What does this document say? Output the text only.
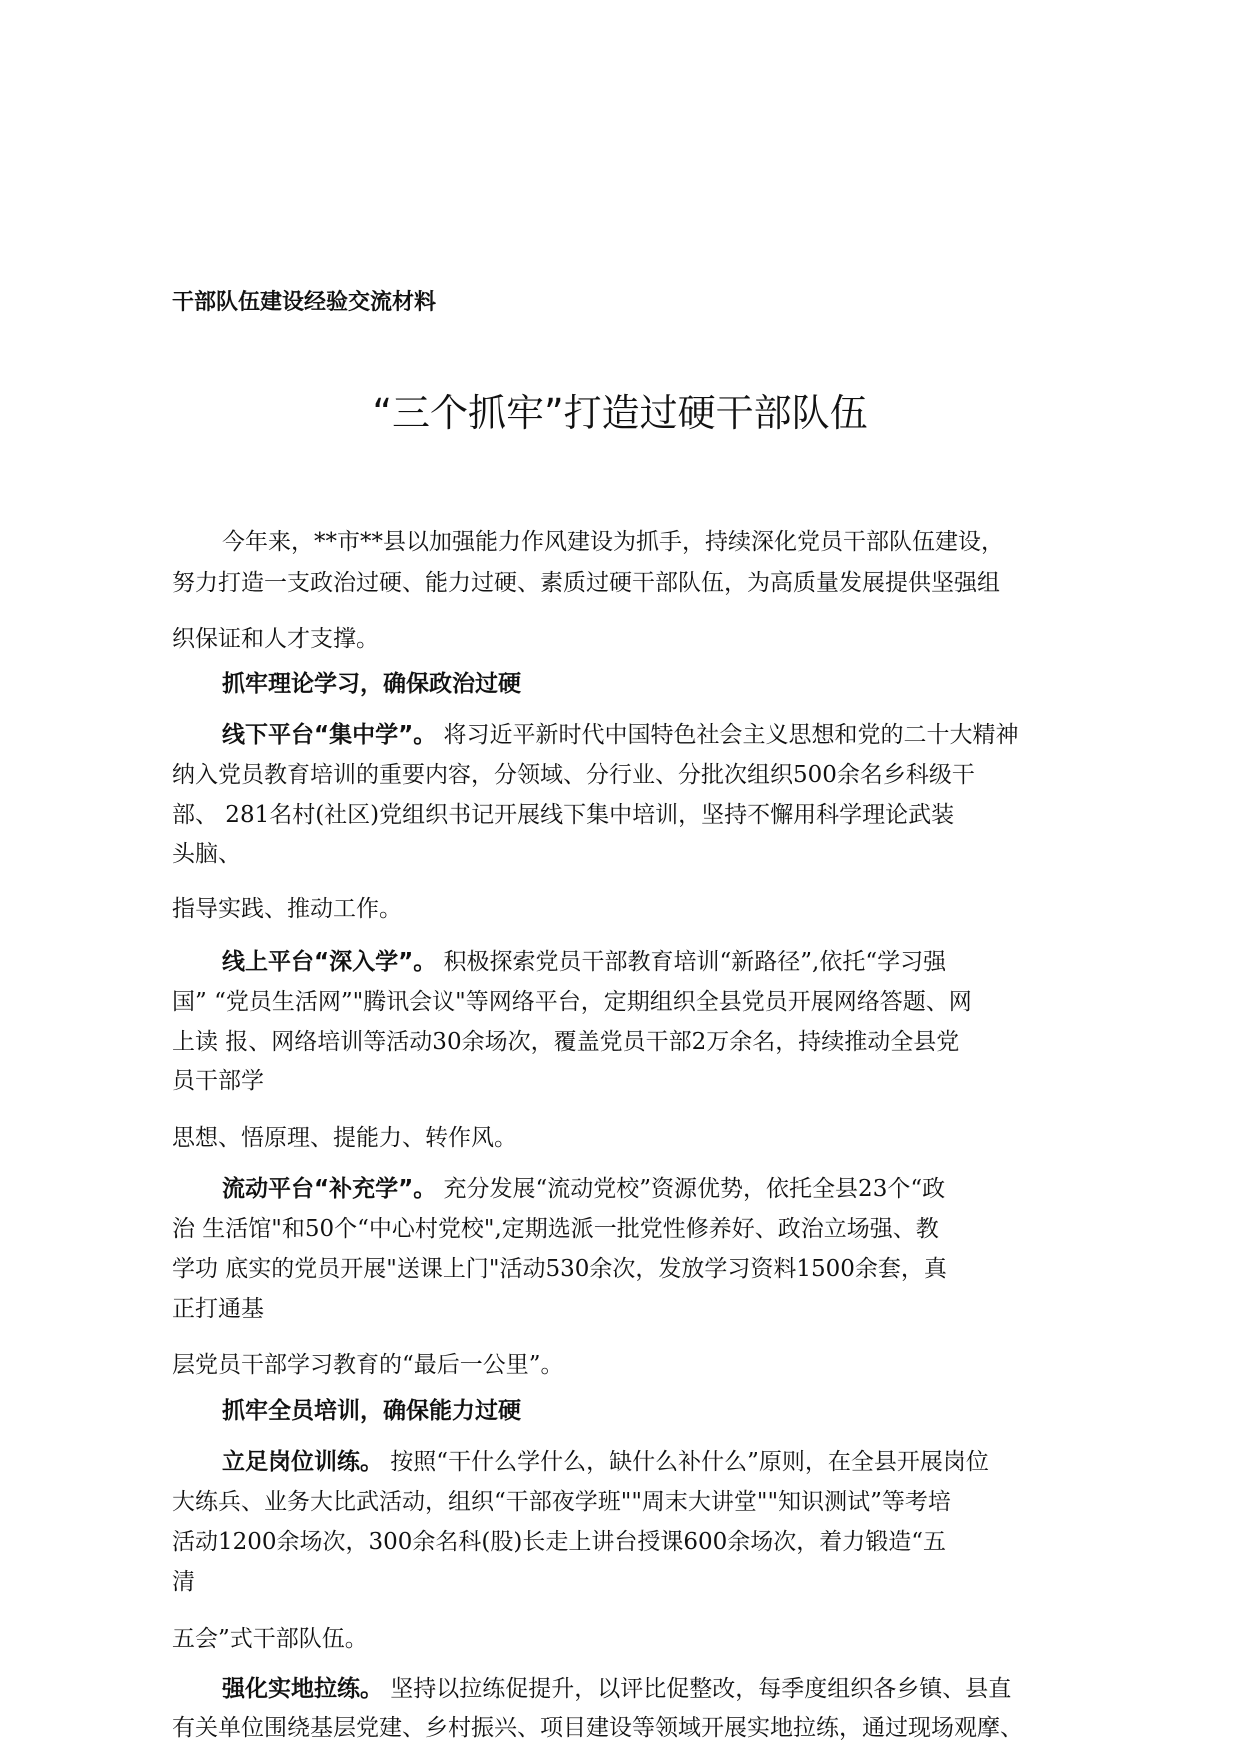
干部队伍建设经验交流材料
“三个抓牢”打造过硬干部队伍
今年来，**市**县以加强能力作风建设为抓手，持续深化党员干部队伍建设，
努力打造一支政治过硬、能力过硬、素质过硬干部队伍，为高质量发展提供坚强组
织保证和人才支撑。
抓牢理论学习，确保政治过硬
线下平台“集中学”。 将习近平新时代中国特色社会主义思想和党的二十大精神
纳入党员教育培训的重要内容，分领域、分行业、分批次组织500余名乡科级干
部、 281名村(社区)党组织书记开展线下集中培训，坚持不懈用科学理论武装
头脑、
指导实践、推动工作。
线上平台“深入学”。 积极探索党员干部教育培训“新路径”,依托“学习强
国” “党员生活网”"腾讯会议"等网络平台，定期组织全县党员开展网络答题、网
上读 报、网络培训等活动30余场次，覆盖党员干部2万余名，持续推动全县党
员干部学
思想、悟原理、提能力、转作风。
流动平台“补充学”。 充分发展“流动党校”资源优势，依托全县23个“政
治 生活馆"和50个“中心村党校",定期选派一批党性修养好、政治立场强、教
学功 底实的党员开展"送课上门"活动530余次，发放学习资料1500余套，真
正打通基
层党员干部学习教育的“最后一公里”。
抓牢全员培训，确保能力过硬
立足岗位训练。 按照“干什么学什么，缺什么补什么”原则，在全县开展岗位
大练兵、业务大比武活动，组织“干部夜学班""周末大讲堂""知识测试”等考培
活动1200余场次，300余名科(股)长走上讲台授课600余场次，着力锻造“五
清
五会”式干部队伍。
强化实地拉练。 坚持以拉练促提升，以评比促整改，每季度组织各乡镇、县直
有关单位围绕基层党建、乡村振兴、项目建设等领域开展实地拉练，通过现场观摩、
